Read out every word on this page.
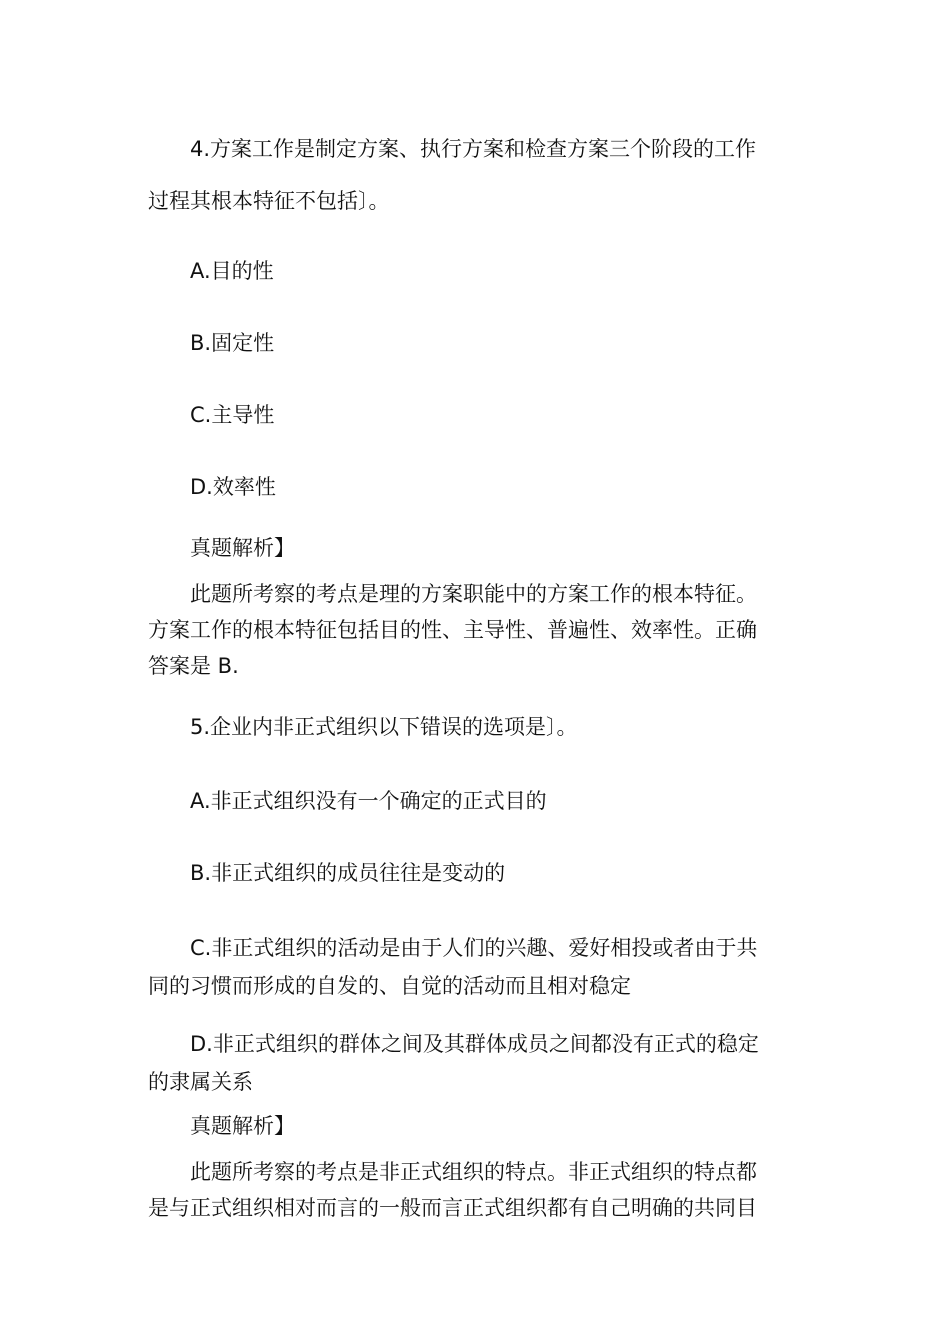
4.方案工作是制定方案、执行方案和检查方案三个阶段的工作
过程其根本特征不包括〕。
A.目的性
B.固定性
C.主导性
D.效率性
真题解析】
此题所考察的考点是理的方案职能中的方案工作的根本特征。
方案工作的根本特征包括目的性、主导性、普遍性、效率性。正确
答案是 B.
5.企业内非正式组织以下错误的选项是〕。
A.非正式组织没有一个确定的正式目的
B.非正式组织的成员往往是变动的
C.非正式组织的活动是由于人们的兴趣、爱好相投或者由于共
同的习惯而形成的自发的、自觉的活动而且相对稳定
D.非正式组织的群体之间及其群体成员之间都没有正式的稳定
的隶属关系
真题解析】
此题所考察的考点是非正式组织的特点。非正式组织的特点都
是与正式组织相对而言的一般而言正式组织都有自己明确的共同目
